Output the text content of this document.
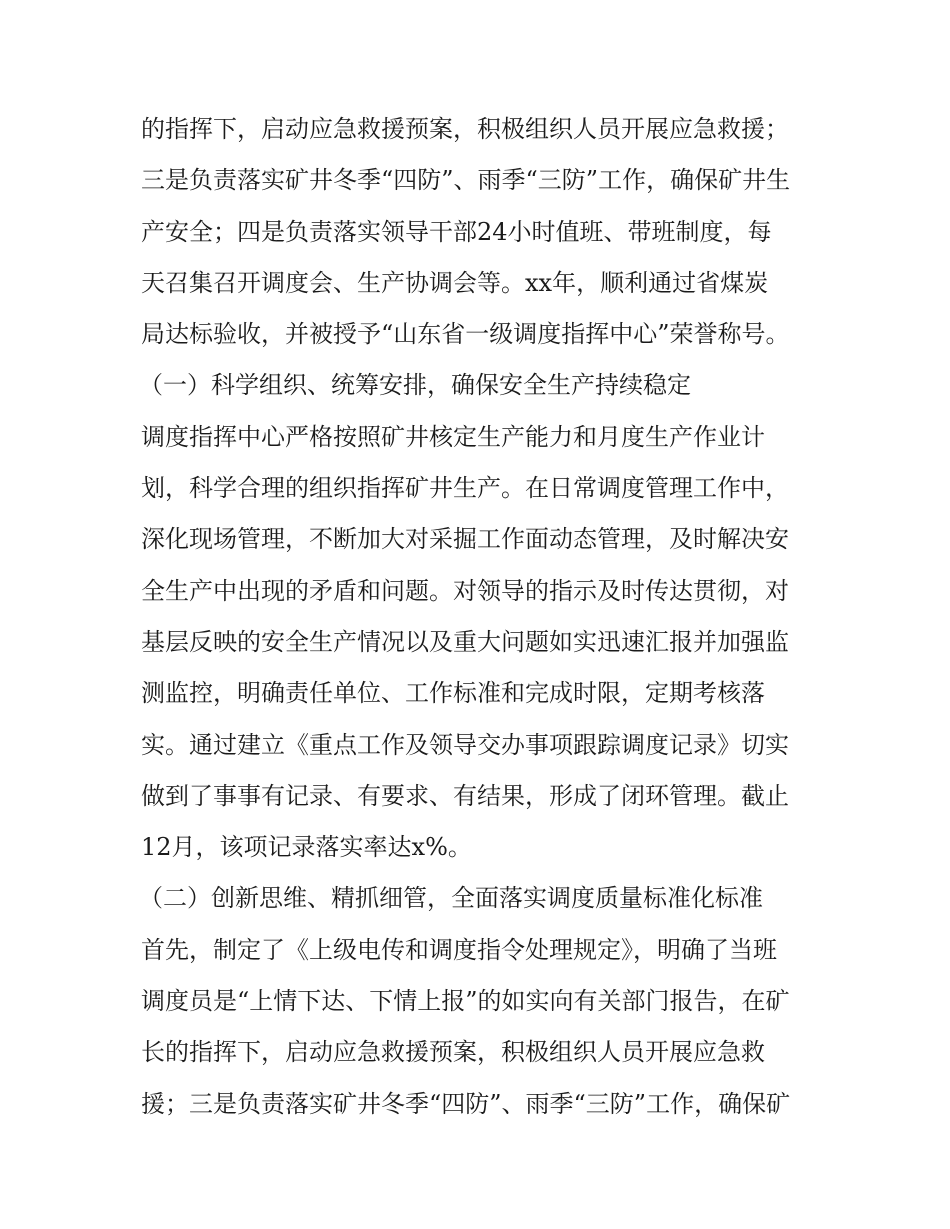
的指挥下，启动应急救援预案，积极组织人员开展应急救援；
三是负责落实矿井冬季“四防”、雨季“三防”工作，确保矿井生
产安全；四是负责落实领导干部24小时值班、带班制度，每
天召集召开调度会、生产协调会等。xx年，顺利通过省煤炭
局达标验收，并被授予“山东省一级调度指挥中心”荣誉称号。
（一）科学组织、统筹安排，确保安全生产持续稳定
调度指挥中心严格按照矿井核定生产能力和月度生产作业计
划，科学合理的组织指挥矿井生产。在日常调度管理工作中，
深化现场管理，不断加大对采掘工作面动态管理，及时解决安
全生产中出现的矛盾和问题。对领导的指示及时传达贯彻，对
基层反映的安全生产情况以及重大问题如实迅速汇报并加强监
测监控，明确责任单位、工作标准和完成时限，定期考核落
实。通过建立《重点工作及领导交办事项跟踪调度记录》切实
做到了事事有记录、有要求、有结果，形成了闭环管理。截止
12月，该项记录落实率达x%。
（二）创新思维、精抓细管，全面落实调度质量标准化标准
首先，制定了《上级电传和调度指令处理规定》，明确了当班
调度员是“上情下达、下情上报”的如实向有关部门报告，在矿
长的指挥下，启动应急救援预案，积极组织人员开展应急救
援；三是负责落实矿井冬季“四防”、雨季“三防”工作，确保矿
